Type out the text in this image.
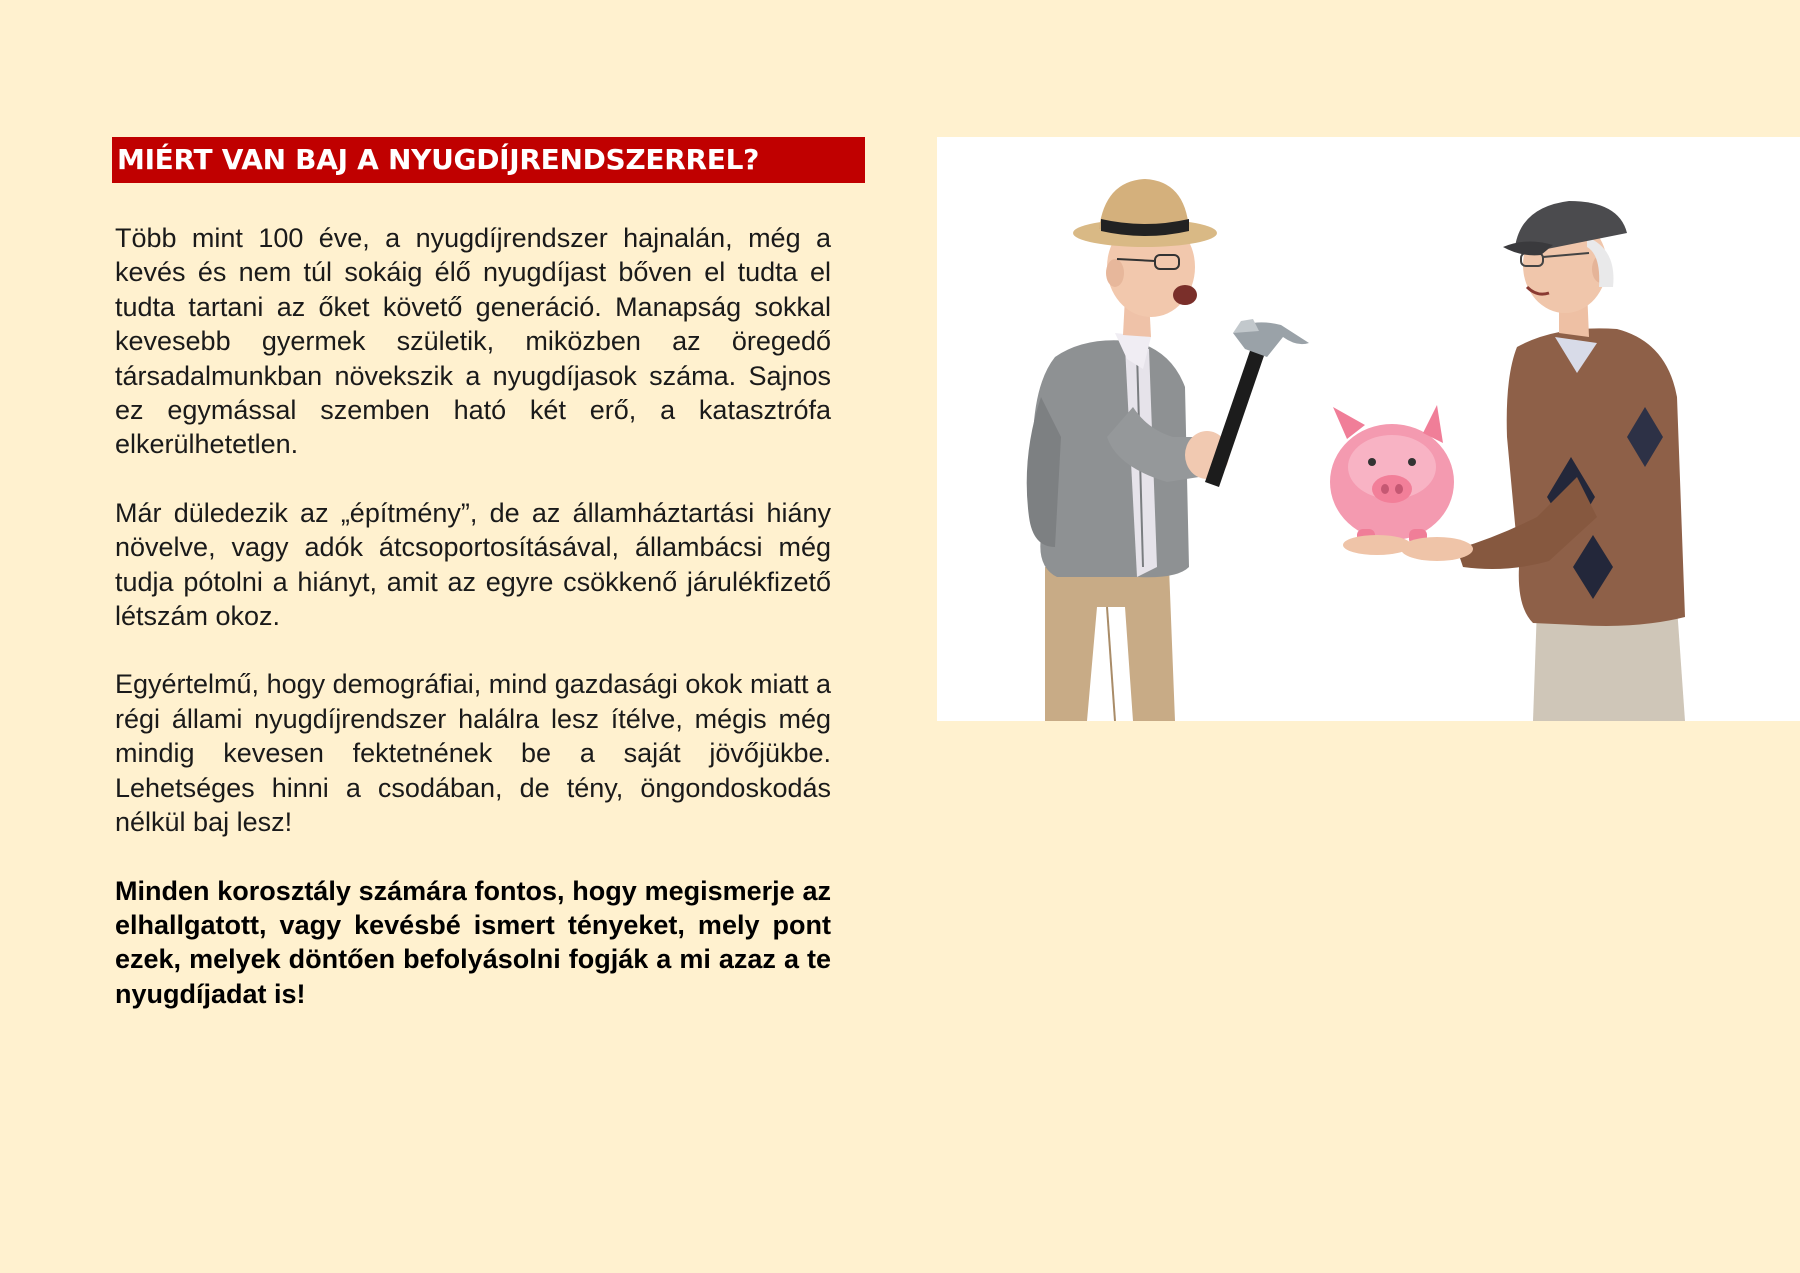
MIÉRT VAN BAJ A NYUGDÍJRENDSZERREL?

Több mint 100 éve, a nyugdíjrendszer hajnalán, még a kevés és nem túl sokáig élő nyugdíjast bőven el tudta el tudta tartani az őket követő generáció. Manapság sokkal kevesebb gyermek születik, miközben az öregedő társadalmunkban növekszik a nyugdíjasok száma. Sajnos ez egymással szemben ható két erő, a katasztrófa elkerülhetetlen.

Már düledezik az „építmény”, de az államháztartási hiány növelve, vagy adók átcsoportosításával, állambácsi még tudja pótolni a hiányt, amit az egyre csökkenő járulékfizető létszám okoz.

Egyértelmű, hogy demográfiai, mind gazdasági okok miatt a régi állami nyugdíjrendszer halálra lesz ítélve, mégis még mindig kevesen fektetnének be a saját jövőjükbe. Lehetséges hinni a csodában, de tény, öngondoskodás nélkül baj lesz!

Minden korosztály számára fontos, hogy megismerje az elhallgatott, vagy kevésbé ismert tényeket, mely pont ezek, melyek döntően befolyásolni fogják a mi azaz a te nyugdíjadat is!
